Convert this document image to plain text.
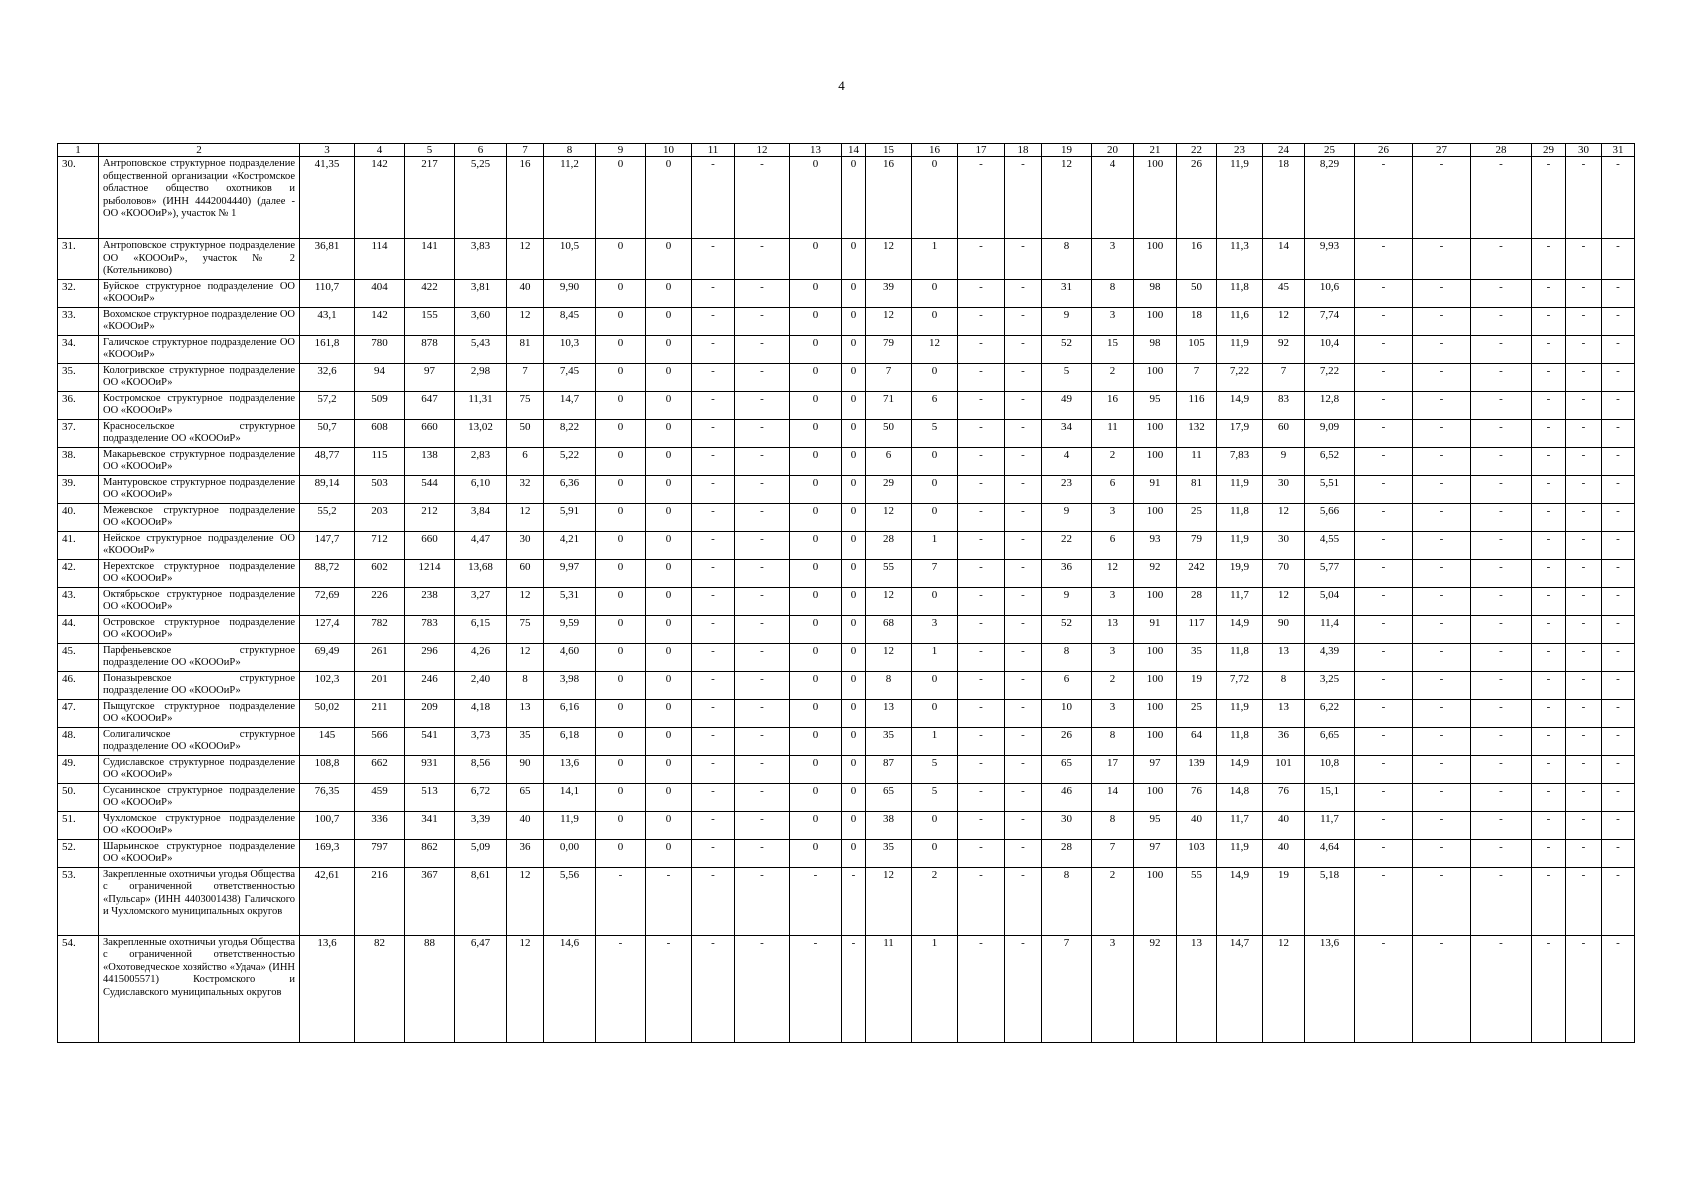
4
1	2	3	4	5	6	7	8	9	10	11	12	13	14	15	16	17	18	19	20	21	22	23	24	25	26	27	28	29	30	31
30.	Антроповское структурное подразделение общественной организации «Костромское областное общество охотников и рыболовов» (ИНН 4442004440) (далее - ОО «КОООиР»), участок № 1	41,35	142	217	5,25	16	11,2	0	0	-	-	0	0	16	0	-	-	12	4	100	26	11,9	18	8,29	-	-	-	-	-	-
31.	Антроповское структурное подразделение ОО «КОООиР», участок № 2 (Котельниково)	36,81	114	141	3,83	12	10,5	0	0	-	-	0	0	12	1	-	-	8	3	100	16	11,3	14	9,93	-	-	-	-	-	-
32.	Буйское структурное подразделение ОО «КОООиР»	110,7	404	422	3,81	40	9,90	0	0	-	-	0	0	39	0	-	-	31	8	98	50	11,8	45	10,6	-	-	-	-	-	-
33.	Вохомское структурное подразделение ОО «КОООиР»	43,1	142	155	3,60	12	8,45	0	0	-	-	0	0	12	0	-	-	9	3	100	18	11,6	12	7,74	-	-	-	-	-	-
34.	Галичское структурное подразделение ОО «КОООиР»	161,8	780	878	5,43	81	10,3	0	0	-	-	0	0	79	12	-	-	52	15	98	105	11,9	92	10,4	-	-	-	-	-	-
35.	Кологривское структурное подразделение ОО «КОООиР»	32,6	94	97	2,98	7	7,45	0	0	-	-	0	0	7	0	-	-	5	2	100	7	7,22	7	7,22	-	-	-	-	-	-
36.	Костромское структурное подразделение ОО «КОООиР»	57,2	509	647	11,31	75	14,7	0	0	-	-	0	0	71	6	-	-	49	16	95	116	14,9	83	12,8	-	-	-	-	-	-
37.	Красносельское структурное подразделение ОО «КОООиР»	50,7	608	660	13,02	50	8,22	0	0	-	-	0	0	50	5	-	-	34	11	100	132	17,9	60	9,09	-	-	-	-	-	-
38.	Макарьевское структурное подразделение ОО «КОООиР»	48,77	115	138	2,83	6	5,22	0	0	-	-	0	0	6	0	-	-	4	2	100	11	7,83	9	6,52	-	-	-	-	-	-
39.	Мантуровское структурное подразделение ОО «КОООиР»	89,14	503	544	6,10	32	6,36	0	0	-	-	0	0	29	0	-	-	23	6	91	81	11,9	30	5,51	-	-	-	-	-	-
40.	Межевское структурное подразделение ОО «КОООиР»	55,2	203	212	3,84	12	5,91	0	0	-	-	0	0	12	0	-	-	9	3	100	25	11,8	12	5,66	-	-	-	-	-	-
41.	Нейское структурное подразделение ОО «КОООиР»	147,7	712	660	4,47	30	4,21	0	0	-	-	0	0	28	1	-	-	22	6	93	79	11,9	30	4,55	-	-	-	-	-	-
42.	Нерехтское структурное подразделение ОО «КОООиР»	88,72	602	1214	13,68	60	9,97	0	0	-	-	0	0	55	7	-	-	36	12	92	242	19,9	70	5,77	-	-	-	-	-	-
43.	Октябрьское структурное подразделение ОО «КОООиР»	72,69	226	238	3,27	12	5,31	0	0	-	-	0	0	12	0	-	-	9	3	100	28	11,7	12	5,04	-	-	-	-	-	-
44.	Островское структурное подразделение ОО «КОООиР»	127,4	782	783	6,15	75	9,59	0	0	-	-	0	0	68	3	-	-	52	13	91	117	14,9	90	11,4	-	-	-	-	-	-
45.	Парфеньевское структурное подразделение ОО «КОООиР»	69,49	261	296	4,26	12	4,60	0	0	-	-	0	0	12	1	-	-	8	3	100	35	11,8	13	4,39	-	-	-	-	-	-
46.	Поназыревское структурное подразделение ОО «КОООиР»	102,3	201	246	2,40	8	3,98	0	0	-	-	0	0	8	0	-	-	6	2	100	19	7,72	8	3,25	-	-	-	-	-	-
47.	Пыщугское структурное подразделение ОО «КОООиР»	50,02	211	209	4,18	13	6,16	0	0	-	-	0	0	13	0	-	-	10	3	100	25	11,9	13	6,22	-	-	-	-	-	-
48.	Солигаличское структурное подразделение ОО «КОООиР»	145	566	541	3,73	35	6,18	0	0	-	-	0	0	35	1	-	-	26	8	100	64	11,8	36	6,65	-	-	-	-	-	-
49.	Судиславское структурное подразделение ОО «КОООиР»	108,8	662	931	8,56	90	13,6	0	0	-	-	0	0	87	5	-	-	65	17	97	139	14,9	101	10,8	-	-	-	-	-	-
50.	Сусанинское структурное подразделение ОО «КОООиР»	76,35	459	513	6,72	65	14,1	0	0	-	-	0	0	65	5	-	-	46	14	100	76	14,8	76	15,1	-	-	-	-	-	-
51.	Чухломское структурное подразделение ОО «КОООиР»	100,7	336	341	3,39	40	11,9	0	0	-	-	0	0	38	0	-	-	30	8	95	40	11,7	40	11,7	-	-	-	-	-	-
52.	Шарьинское структурное подразделение ОО «КОООиР»	169,3	797	862	5,09	36	0,00	0	0	-	-	0	0	35	0	-	-	28	7	97	103	11,9	40	4,64	-	-	-	-	-	-
53.	Закрепленные охотничьи угодья Общества с ограниченной ответственностью «Пульсар» (ИНН 4403001438) Галичского и Чухломского муниципальных округов	42,61	216	367	8,61	12	5,56	-	-	-	-	-	-	12	2	-	-	8	2	100	55	14,9	19	5,18	-	-	-	-	-	-
54.	Закрепленные охотничьи угодья Общества с ограниченной ответственностью «Охотоведческое хозяйство «Удача» (ИНН 4415005571) Костромского и Судиславского муниципальных округов	13,6	82	88	6,47	12	14,6	-	-	-	-	-	-	11	1	-	-	7	3	92	13	14,7	12	13,6	-	-	-	-	-	-
